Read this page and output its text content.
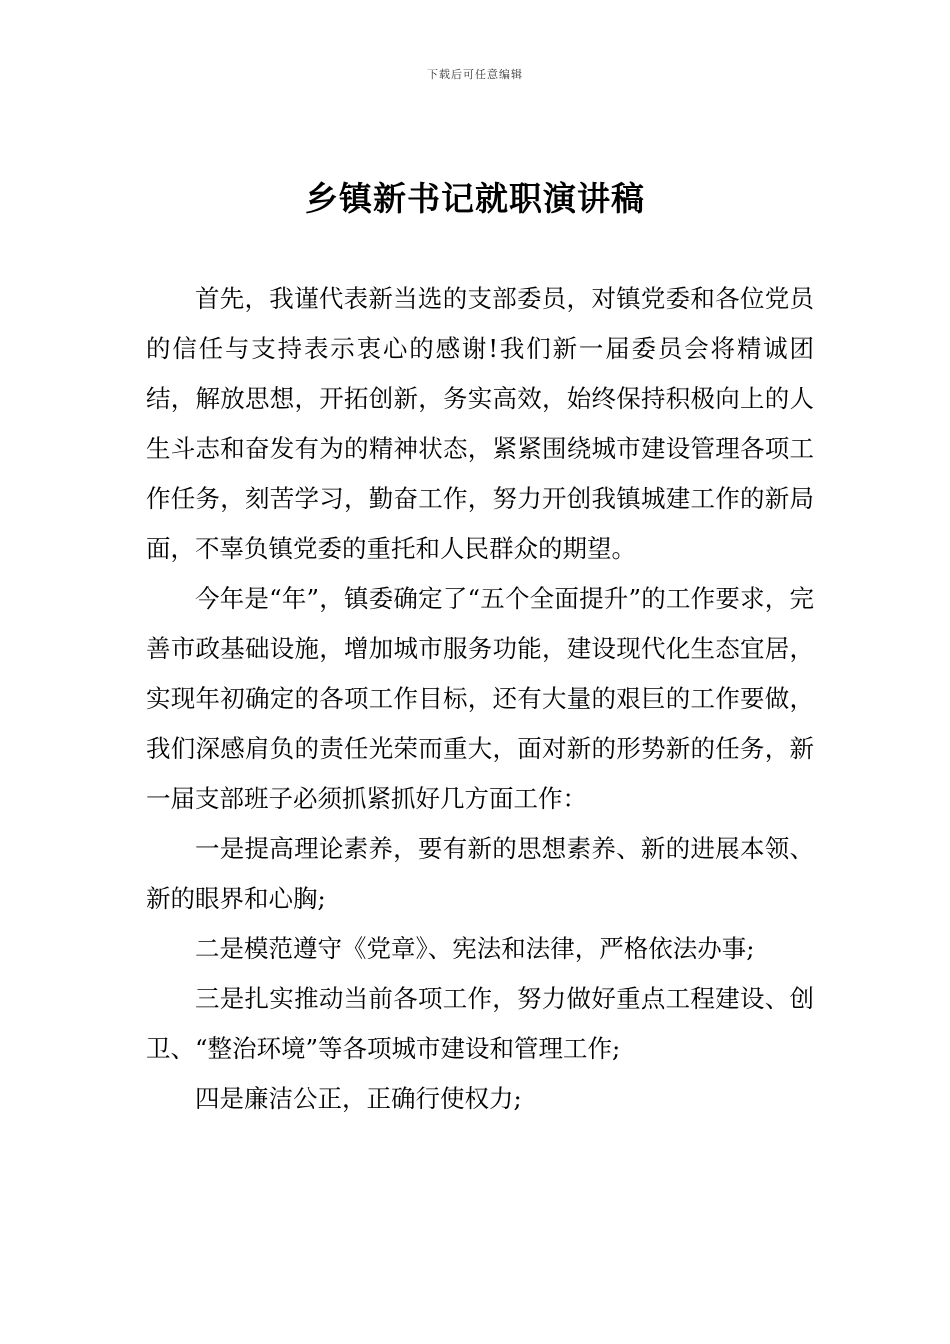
下载后可任意编辑
乡镇新书记就职演讲稿

首先，我谨代表新当选的支部委员，对镇党委和各位党员的信任与支持表示衷心的感谢!我们新一届委员会将精诚团结，解放思想，开拓创新，务实高效，始终保持积极向上的人生斗志和奋发有为的精神状态，紧紧围绕城市建设管理各项工作任务，刻苦学习，勤奋工作，努力开创我镇城建工作的新局面，不辜负镇党委的重托和人民群众的期望。

今年是“年”，镇委确定了“五个全面提升”的工作要求，完善市政基础设施，增加城市服务功能，建设现代化生态宜居，实现年初确定的各项工作目标，还有大量的艰巨的工作要做，我们深感肩负的责任光荣而重大，面对新的形势新的任务，新一届支部班子必须抓紧抓好几方面工作：

一是提高理论素养，要有新的思想素养、新的进展本领、新的眼界和心胸;

二是模范遵守《党章》、宪法和法律，严格依法办事;

三是扎实推动当前各项工作，努力做好重点工程建设、创卫、“整治环境”等各项城市建设和管理工作;

四是廉洁公正，正确行使权力;
